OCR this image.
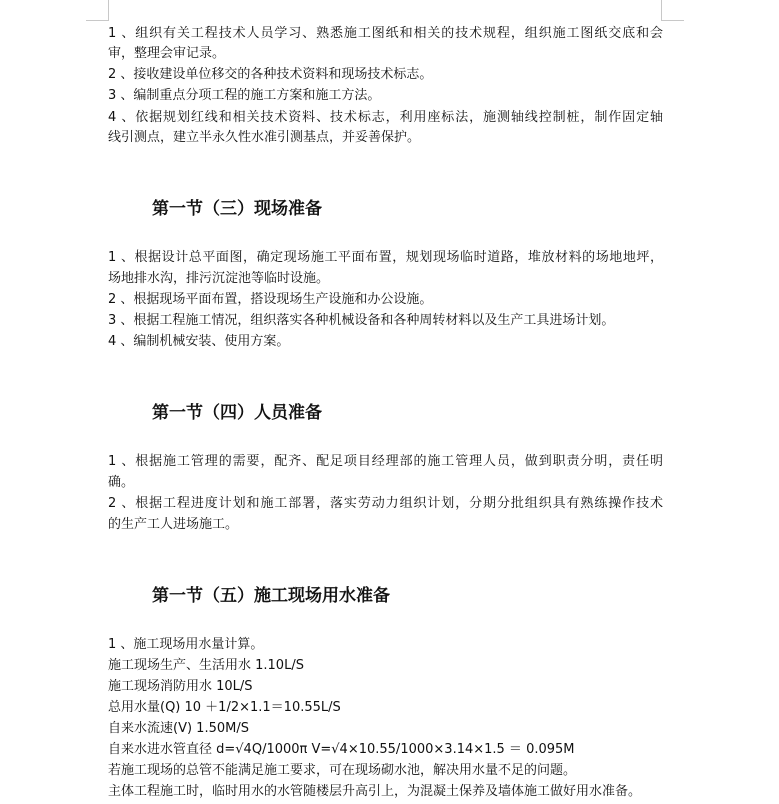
1 、组织有关工程技术人员学习、熟悉施工图纸和相关的技术规程，组织施工图纸交底和会
审，整理会审记录。
2 、接收建设单位移交的各种技术资料和现场技术标志。
3 、编制重点分项工程的施工方案和施工方法。
4 、依据规划红线和相关技术资料、技术标志，利用座标法，施测轴线控制桩，制作固定轴
线引测点，建立半永久性水准引测基点，并妥善保护。
第一节（三）现场准备
1 、根据设计总平面图，确定现场施工平面布置，规划现场临时道路，堆放材料的场地地坪，
场地排水沟，排污沉淀池等临时设施。
2 、根据现场平面布置，搭设现场生产设施和办公设施。
3 、根据工程施工情况，组织落实各种机械设备和各种周转材料以及生产工具进场计划。
4 、编制机械安装、使用方案。
第一节（四）人员准备
1 、根据施工管理的需要，配齐、配足项目经理部的施工管理人员，做到职责分明，责任明
确。
2 、根据工程进度计划和施工部署，落实劳动力组织计划，分期分批组织具有熟练操作技术
的生产工人进场施工。
第一节（五）施工现场用水准备
1 、施工现场用水量计算。
施工现场生产、生活用水 1.10L/S
施工现场消防用水 10L/S
总用水量(Q) 10 ＋1/2×1.1＝10.55L/S
自来水流速(V) 1.50M/S
自来水进水管直径 d=√4Q/1000π V=√4×10.55/1000×3.14×1.5 ＝ 0.095M
若施工现场的总管不能满足施工要求，可在现场砌水池，解决用水量不足的问题。
主体工程施工时，临时用水的水管随楼层升高引上，为混凝土保养及墙体施工做好用水准备。
